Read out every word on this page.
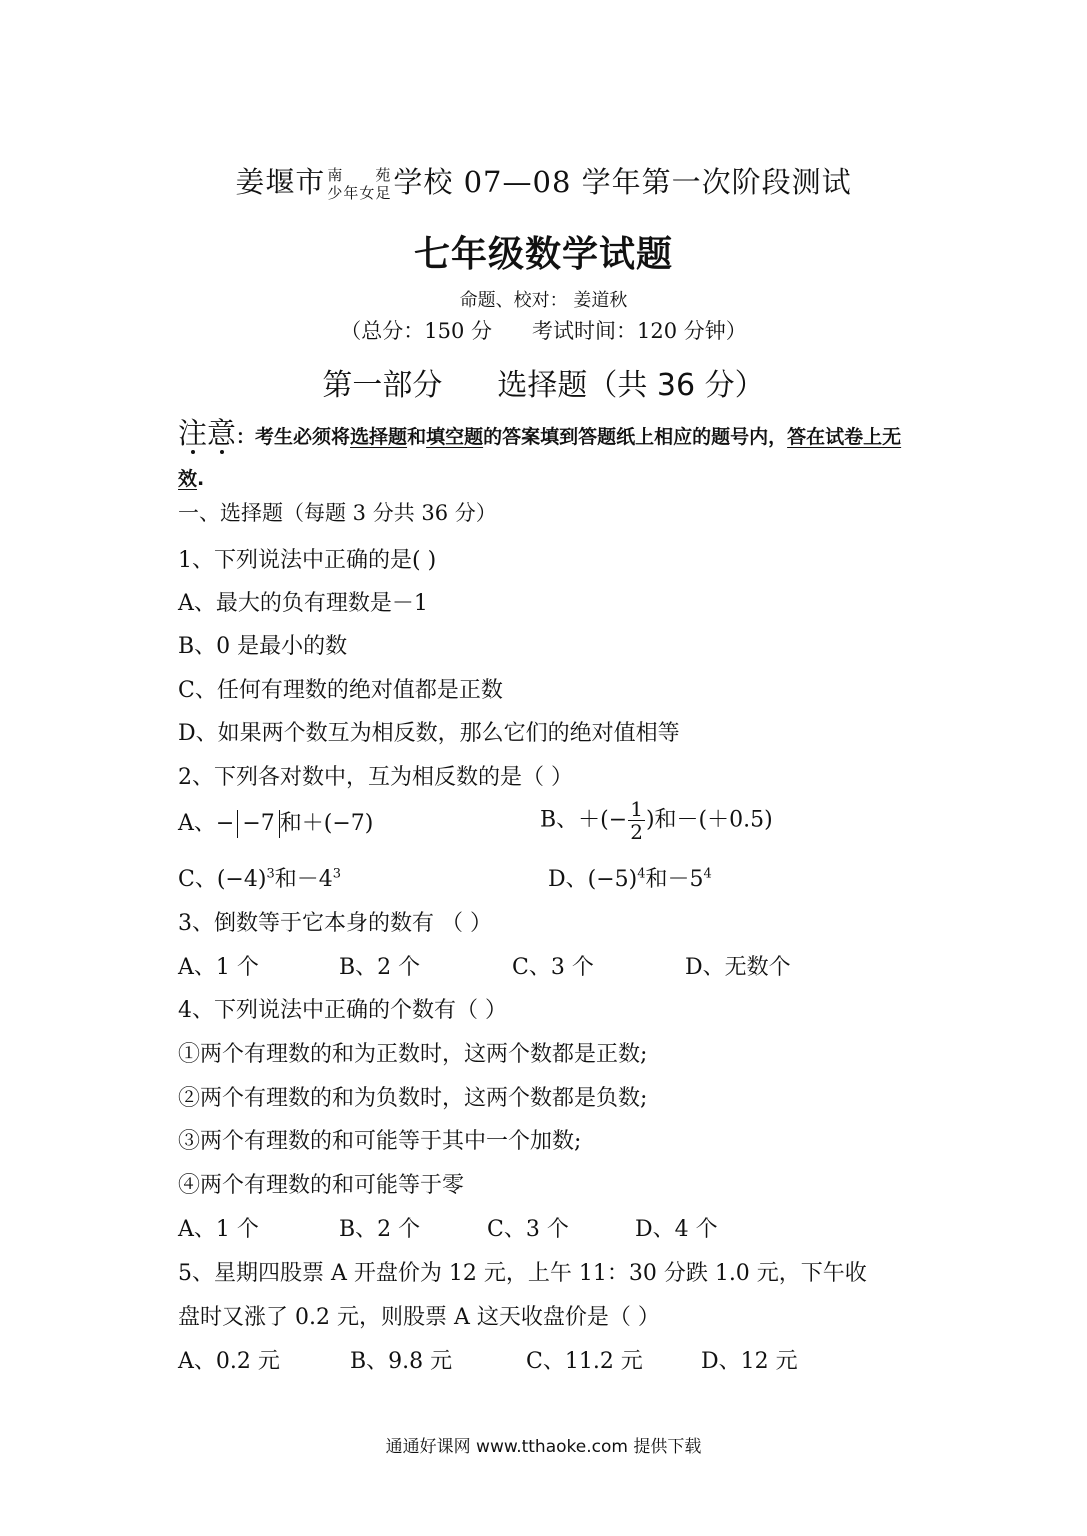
姜堰市 南 苑
少年女足 学校 07—08 学年第一次阶段测试
七年级数学试题
命题、校对： 姜道秋
（总分：150 分 考试时间：120 分钟）
第一部分 选择题（共 36 分）
注意
：考生必须将选择题和填空题的答案填到答题纸上相应的题号内，答在试卷上无效.
一、选择题（每题 3 分共 36 分）
1、下列说法中正确的是( )
A、最大的负有理数是－1
B、0 是最小的数
C、任何有理数的绝对值都是正数
D、如果两个数互为相反数，那么它们的绝对值相等
2、下列各对数中，互为相反数的是（ ）
A、− −7 和＋(−7)	B、＋(− $\frac{1}{2}$ )和－(＋0.5)
C、$(-4)^3$和$-4^3$	D、$(-5)^4$和$-5^4$
3、倒数等于它本身的数有 （ ）
A、1 个	B、2 个	C、3 个	D、无数个
4、下列说法中正确的个数有（ ）
①两个有理数的和为正数时，这两个数都是正数;
②两个有理数的和为负数时，这两个数都是负数;
③两个有理数的和可能等于其中一个加数;
④两个有理数的和可能等于零
A、1 个	B、2 个	C、3 个	D、4 个
5、星期四股票 A 开盘价为 12 元，上午 11：30 分跌 1.0 元，下午收
盘时又涨了 0.2 元，则股票 A 这天收盘价是（ ）
A、0.2 元	B、9.8 元	C、11.2 元	D、12 元
通通好课网 www.tthaoke.com 提供下载
